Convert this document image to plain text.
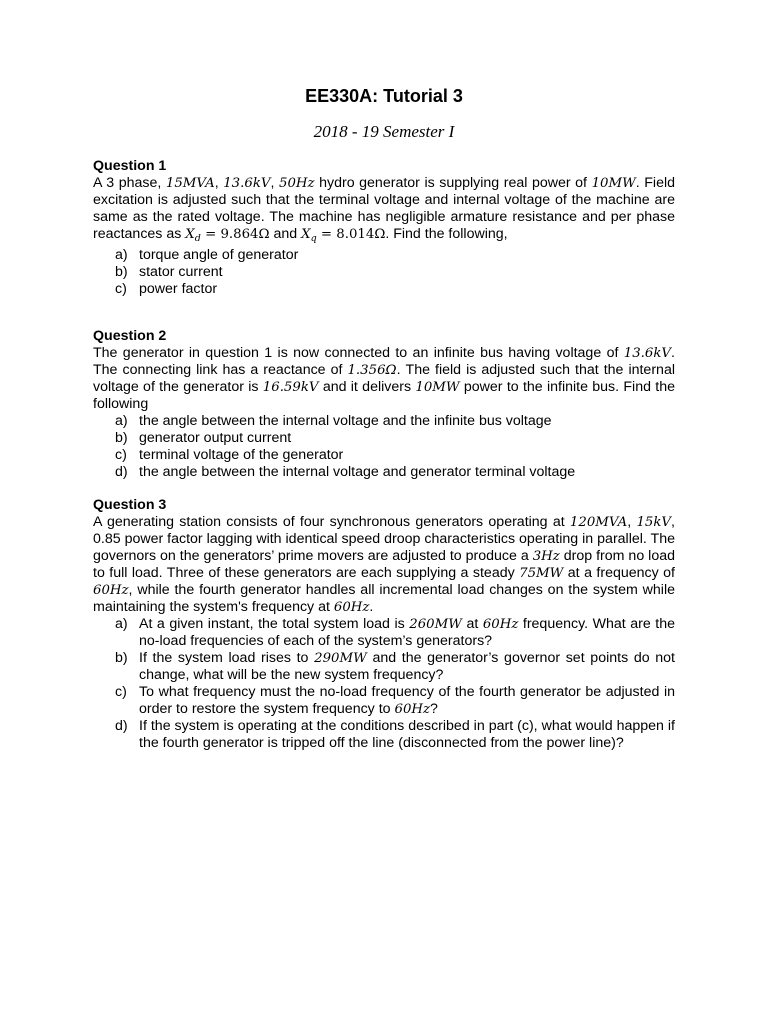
EE330A: Tutorial 3
2018 - 19 Semester I

Question 1

A 3 phase, 15MVA, 13.6kV, 50Hz hydro generator is supplying real power of 10MW. Field excitation is adjusted such that the terminal voltage and internal voltage of the machine are same as the rated voltage. The machine has negligible armature resistance and per phase reactances as $X_d = 9.864\Omega$ and $X_q = 8.014\Omega$. Find the following,

a) torque angle of generator
b) stator current
c) power factor

Question 2

The generator in question 1 is now connected to an infinite bus having voltage of 13.6kV. The connecting link has a reactance of 1.356Ω. The field is adjusted such that the internal voltage of the generator is 16.59kV and it delivers 10MW power to the infinite bus. Find the following

a) the angle between the internal voltage and the infinite bus voltage
b) generator output current
c) terminal voltage of the generator
d) the angle between the internal voltage and generator terminal voltage

Question 3

A generating station consists of four synchronous generators operating at 120MVA, 15kV, 0.85 power factor lagging with identical speed droop characteristics operating in parallel. The governors on the generators’ prime movers are adjusted to produce a 3Hz drop from no load to full load. Three of these generators are each supplying a steady 75MW at a frequency of 60Hz, while the fourth generator handles all incremental load changes on the system while maintaining the system's frequency at 60Hz.

a) At a given instant, the total system load is 260MW at 60Hz frequency. What are the no-load frequencies of each of the system’s generators?
b) If the system load rises to 290MW and the generator’s governor set points do not change, what will be the new system frequency?
c) To what frequency must the no-load frequency of the fourth generator be adjusted in order to restore the system frequency to 60Hz?
d) If the system is operating at the conditions described in part (c), what would happen if the fourth generator is tripped off the line (disconnected from the power line)?
